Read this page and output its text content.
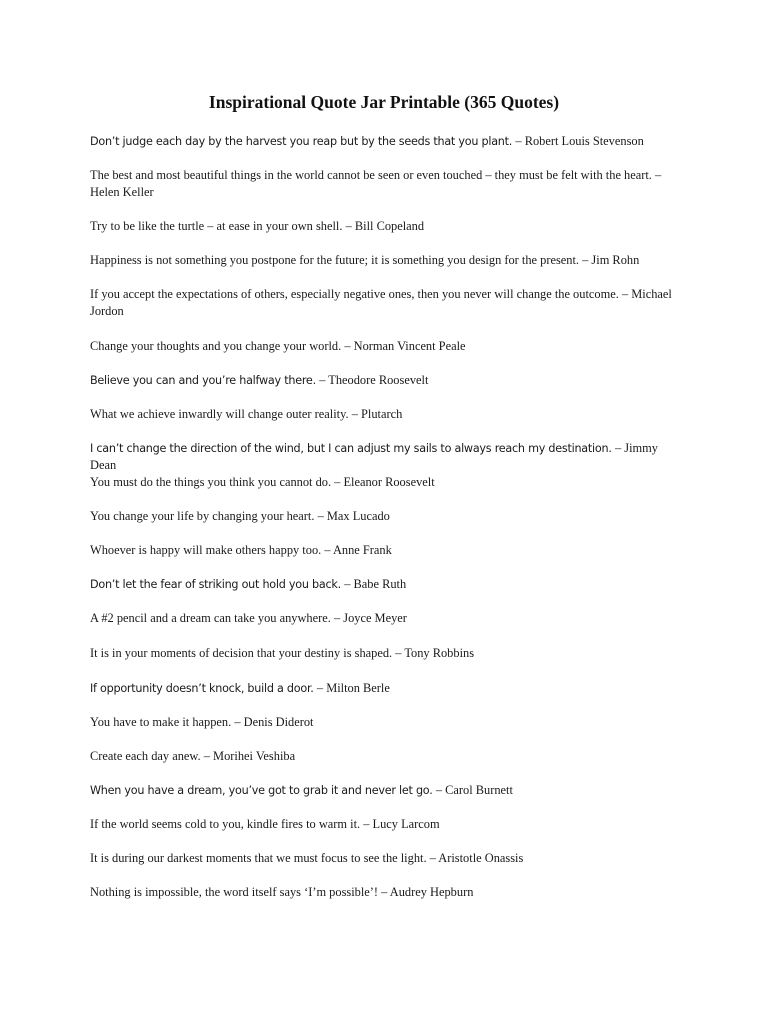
Inspirational Quote Jar Printable (365 Quotes)

Don’t judge each day by the harvest you reap but by the seeds that you plant. – Robert Louis Stevenson

The best and most beautiful things in the world cannot be seen or even touched – they must be felt with the heart. – Helen Keller

Try to be like the turtle – at ease in your own shell. – Bill Copeland

Happiness is not something you postpone for the future; it is something you design for the present. – Jim Rohn

If you accept the expectations of others, especially negative ones, then you never will change the outcome. – Michael Jordon

Change your thoughts and you change your world. – Norman Vincent Peale

Believe you can and you’re halfway there. – Theodore Roosevelt

What we achieve inwardly will change outer reality. – Plutarch

I can’t change the direction of the wind, but I can adjust my sails to always reach my destination. – Jimmy Dean

You must do the things you think you cannot do. – Eleanor Roosevelt

You change your life by changing your heart. – Max Lucado

Whoever is happy will make others happy too. – Anne Frank

Don’t let the fear of striking out hold you back. – Babe Ruth

A #2 pencil and a dream can take you anywhere. – Joyce Meyer

It is in your moments of decision that your destiny is shaped. – Tony Robbins

If opportunity doesn’t knock, build a door. – Milton Berle

You have to make it happen. – Denis Diderot

Create each day anew. – Morihei Veshiba

When you have a dream, you’ve got to grab it and never let go. – Carol Burnett

If the world seems cold to you, kindle fires to warm it. – Lucy Larcom

It is during our darkest moments that we must focus to see the light. – Aristotle Onassis

Nothing is impossible, the word itself says ‘I’m possible’! – Audrey Hepburn
